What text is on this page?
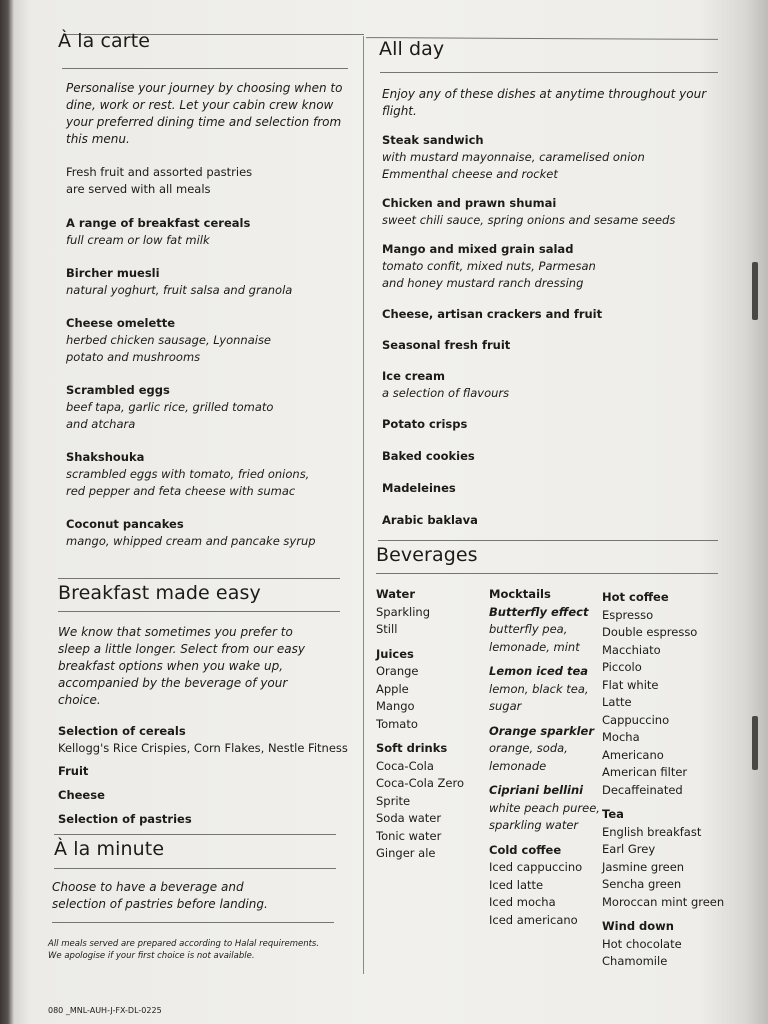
À la carte

Personalise your journey by choosing when to dine, work or rest. Let your cabin crew know your preferred dining time and selection from this menu.

Fresh fruit and assorted pastries
are served with all meals
A range of breakfast cereals
full cream or low fat milk
Bircher muesli
natural yoghurt, fruit salsa and granola
Cheese omelette
herbed chicken sausage, Lyonnaise potato and mushrooms
Scrambled eggs
beef tapa, garlic rice, grilled tomato and atchara
Shakshouka
scrambled eggs with tomato, fried onions, red pepper and feta cheese with sumac
Coconut pancakes
mango, whipped cream and pancake syrup
Breakfast made easy

We know that sometimes you prefer to sleep a little longer. Select from our easy breakfast options when you wake up, accompanied by the beverage of your choice.

Selection of cereals
Kellogg's Rice Crispies, Corn Flakes, Nestle Fitness
Fruit
Cheese
Selection of pastries
À la minute

Choose to have a beverage and selection of pastries before landing.

All meals served are prepared according to Halal requirements.
We apologise if your first choice is not available.
080 _MNL-AUH-J-FX-DL-0225
All day

Enjoy any of these dishes at anytime throughout your flight.

Steak sandwich
with mustard mayonnaise, caramelised onion Emmenthal cheese and rocket
Chicken and prawn shumai
sweet chili sauce, spring onions and sesame seeds
Mango and mixed grain salad
tomato confit, mixed nuts, Parmesan and honey mustard ranch dressing
Cheese, artisan crackers and fruit
Seasonal fresh fruit
Ice cream
a selection of flavours
Potato crisps
Baked cookies
Madeleines
Arabic baklava
Beverages
Water
Sparkling
Still
Juices
Orange
Apple
Mango
Tomato
Soft drinks
Coca-Cola
Coca-Cola Zero
Sprite
Soda water
Tonic water
Ginger ale
Mocktails
Butterfly effect
butterfly pea,
lemonade, mint
Lemon iced tea
lemon, black tea,
sugar
Orange sparkler
orange, soda,
lemonade
Cipriani bellini
white peach puree,
sparkling water
Cold coffee
Iced cappuccino
Iced latte
Iced mocha
Iced americano
Hot coffee
Espresso
Double espresso
Macchiato
Piccolo
Flat white
Latte
Cappuccino
Mocha
Americano
American filter
Decaffeinated
Tea
English breakfast
Earl Grey
Jasmine green
Sencha green
Moroccan mint green
Wind down
Hot chocolate
Chamomile
